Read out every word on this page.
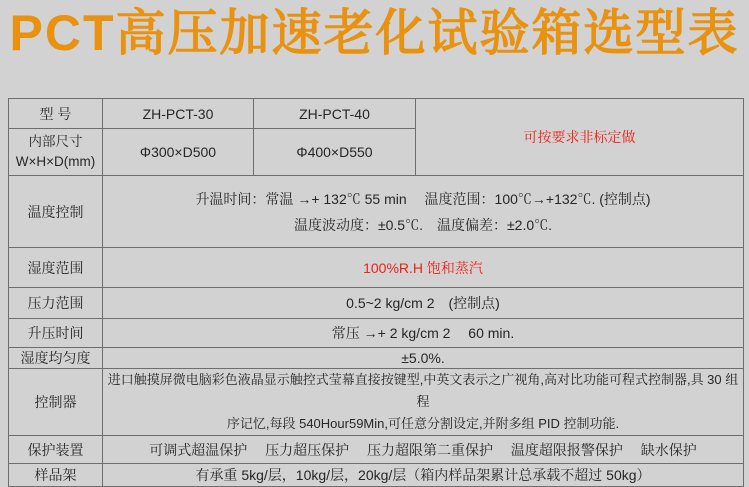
PCT高压加速老化试验箱选型表
型 号	ZH-PCT-30	ZH-PCT-40	可按要求非标定做

内部尺寸
W×H×D(mm)	Φ300×D500	Φ400×D550	
温度控制	升温时间：常温 →+ 132℃ 55 min　 温度范围：100℃→+132℃. (控制点)
温度波动度：±0.5℃.　温度偏差：±2.0℃.		

湿度范围	100%R.H 饱和蒸汽		
压力范围	0.5~2 kg/cm 2　(控制点)		
升压时间	常压 →+ 2 kg/cm 2　 60 min.		
湿度均匀度	±5.0%.		
控制器	进口触摸屏微电脑彩色液晶显示触控式莹幕直接按键型,中英文表示之广视角,高对比功能可程式控制器,具 30 组程
序记忆,每段 540Hour59Min,可任意分割设定,并附多组 PID 控制功能.		

保护装置	可调式超温保护　 压力超压保护　 压力超限第二重保护　 温度超限报警保护　 缺水保护		
样品架	有承重 5kg/层，10kg/层，20kg/层（箱内样品架累计总承载不超过 50kg）		
